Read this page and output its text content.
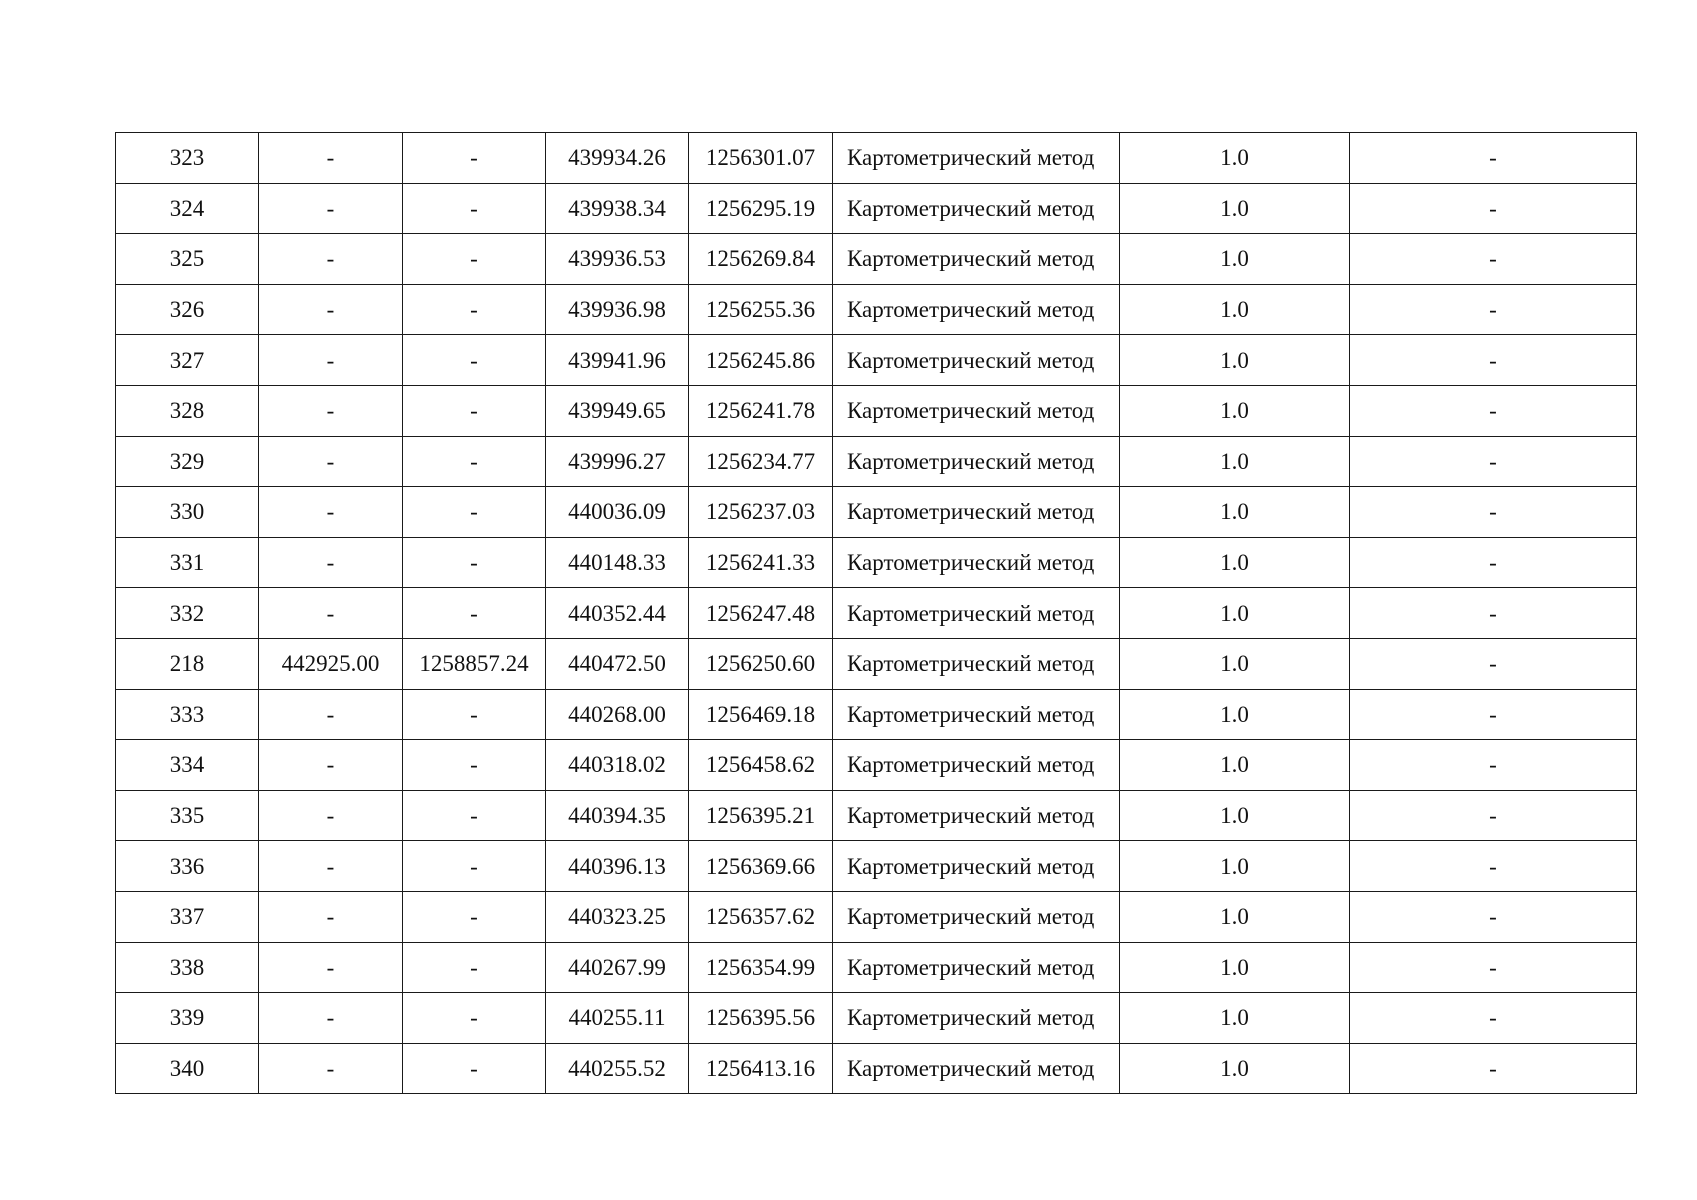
323	-	-	439934.26	1256301.07	Картометрический метод	1.0	-
324	-	-	439938.34	1256295.19	Картометрический метод	1.0	-
325	-	-	439936.53	1256269.84	Картометрический метод	1.0	-
326	-	-	439936.98	1256255.36	Картометрический метод	1.0	-
327	-	-	439941.96	1256245.86	Картометрический метод	1.0	-
328	-	-	439949.65	1256241.78	Картометрический метод	1.0	-
329	-	-	439996.27	1256234.77	Картометрический метод	1.0	-
330	-	-	440036.09	1256237.03	Картометрический метод	1.0	-
331	-	-	440148.33	1256241.33	Картометрический метод	1.0	-
332	-	-	440352.44	1256247.48	Картометрический метод	1.0	-
218	442925.00	1258857.24	440472.50	1256250.60	Картометрический метод	1.0	-
333	-	-	440268.00	1256469.18	Картометрический метод	1.0	-
334	-	-	440318.02	1256458.62	Картометрический метод	1.0	-
335	-	-	440394.35	1256395.21	Картометрический метод	1.0	-
336	-	-	440396.13	1256369.66	Картометрический метод	1.0	-
337	-	-	440323.25	1256357.62	Картометрический метод	1.0	-
338	-	-	440267.99	1256354.99	Картометрический метод	1.0	-
339	-	-	440255.11	1256395.56	Картометрический метод	1.0	-
340	-	-	440255.52	1256413.16	Картометрический метод	1.0	-
